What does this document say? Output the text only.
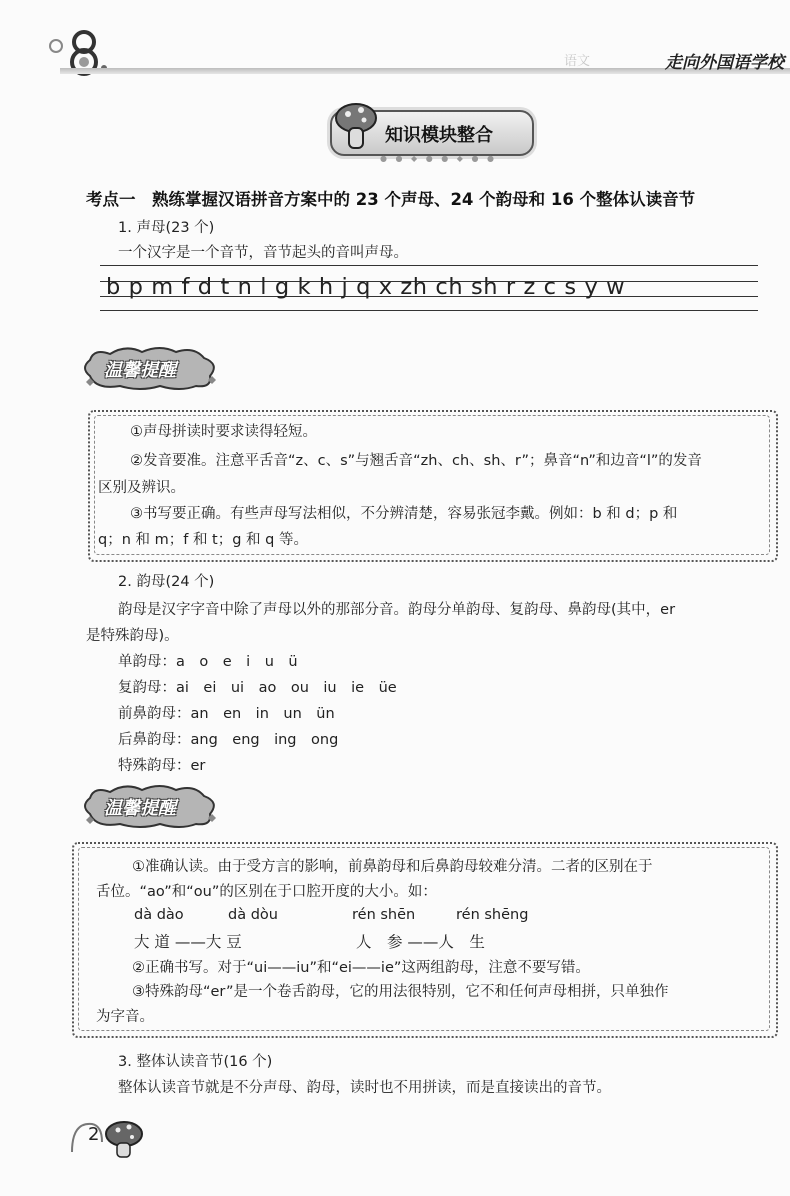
语文	走向外国语学校
知识模块整合
● ● ◆ ● ● ◆ ● ●
考点一　熟练掌握汉语拼音方案中的 23 个声母、24 个韵母和 16 个整体认读音节
1. 声母(23 个)
一个汉字是一个音节，音节起头的音叫声母。
b p m f d t n l g k h j q x zh ch sh r z c s y w
温馨提醒
①声母拼读时要求读得轻短。
②发音要准。注意平舌音“z、c、s”与翘舌音“zh、ch、sh、r”；鼻音“n”和边音“l”的发音
区别及辨识。
③书写要正确。有些声母写法相似，不分辨清楚，容易张冠李戴。例如：b 和 d；p 和
q；n 和 m；f 和 t；g 和 q 等。
2. 韵母(24 个)
韵母是汉字字音中除了声母以外的那部分音。韵母分单韵母、复韵母、鼻韵母(其中，er
是特殊韵母)。
单韵母：a　o　e　i　u　ü
复韵母：ai　ei　ui　ao　ou　iu　ie　üe
前鼻韵母：an　en　in　un　ün
后鼻韵母：ang　eng　ing　ong
特殊韵母：er
温馨提醒
①准确认读。由于受方言的影响，前鼻韵母和后鼻韵母较难分清。二者的区别在于
舌位。“ao”和“ou”的区别在于口腔开度的大小。如：
dà dào	dà dòu	rén shēn	rén shēng
大 道 ——大 豆	人　参 ——人　生
②正确书写。对于“ui——iu”和“ei——ie”这两组韵母，注意不要写错。
③特殊韵母“er”是一个卷舌韵母，它的用法很特别，它不和任何声母相拼，只单独作
为字音。
3. 整体认读音节(16 个)
整体认读音节就是不分声母、韵母，读时也不用拼读，而是直接读出的音节。
2
